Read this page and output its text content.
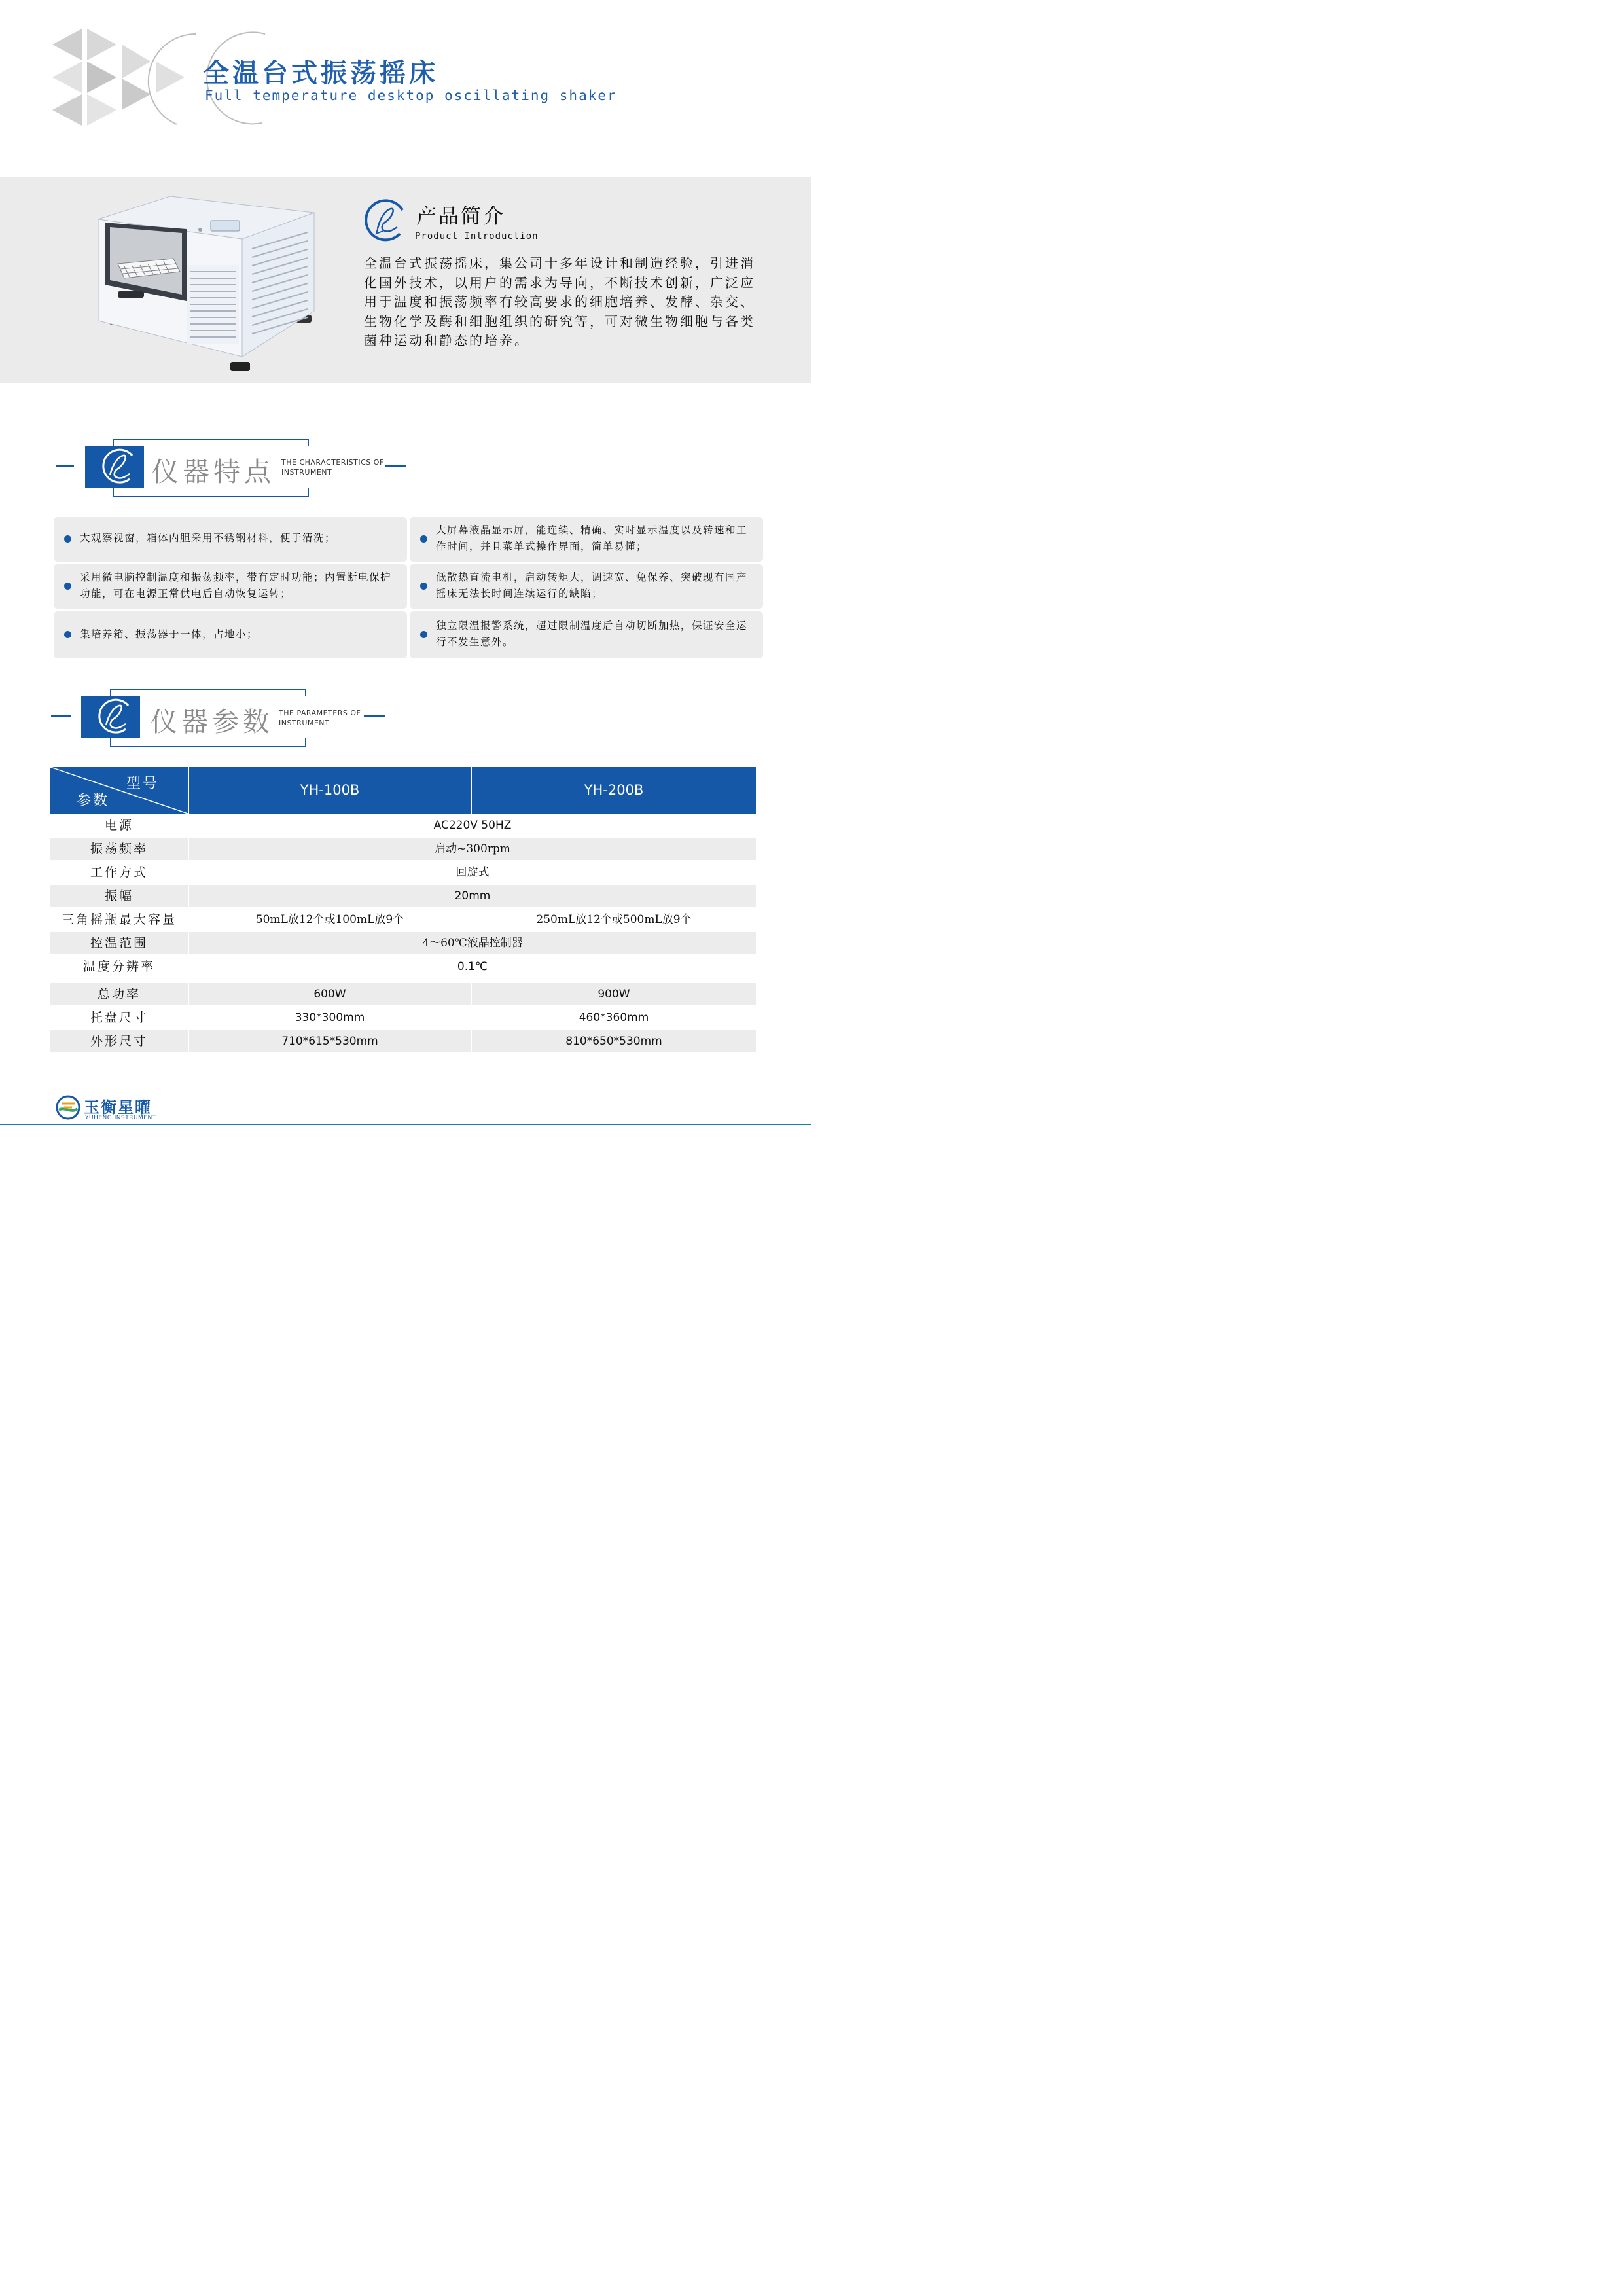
全温台式振荡摇床
Full temperature desktop oscillating shaker
产品简介
Product Introduction
全温台式振荡摇床，集公司十多年设计和制造经验，引进消化国外技术，以用户的需求为导向，不断技术创新，广泛应用于温度和振荡频率有较高要求的细胞培养、发酵、杂交、生物化学及酶和细胞组织的研究等，可对微生物细胞与各类菌种运动和静态的培养。
仪器特点 THE CHARACTERISTICS OF
INSTRUMENT
大观察视窗，箱体内胆采用不锈钢材料，便于清洗；
大屏幕液晶显示屏，能连续、精确、实时显示温度以及转速和工作时间，并且菜单式操作界面，简单易懂；
采用微电脑控制温度和振荡频率，带有定时功能；内置断电保护功能，可在电源正常供电后自动恢复运转；
低散热直流电机，启动转矩大，调速宽、免保养、突破现有国产摇床无法长时间连续运行的缺陷；
集培养箱、振荡器于一体，占地小；
独立限温报警系统，超过限制温度后自动切断加热，保证安全运行不发生意外。
仪器参数 THE PARAMETERS OF
INSTRUMENT
型号
参数
YH-100B	YH-200B
电源	AC220V 50HZ
振荡频率	启动~300rpm
工作方式	回旋式
振幅	20mm
三角摇瓶最大容量	50mL放12个或100mL放9个	250mL放12个或500mL放9个
控温范围	4～60℃液晶控制器
温度分辨率	0.1℃
总功率	600W	900W
托盘尺寸	330*300mm	460*360mm
外形尺寸	710*615*530mm	810*650*530mm
玉衡星曜
YUHENG INSTRUMENT
